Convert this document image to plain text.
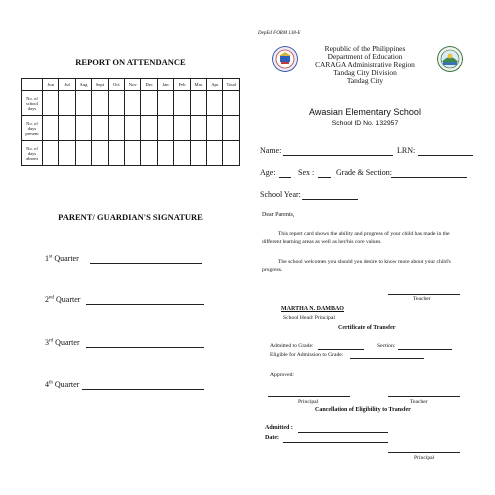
REPORT ON ATTENDANCE
	Jun	Jul	Aug	Sept	Oct	Nov	Dec	Jan	Feb	Mar	Apr	Total

No. of
school
days												

No. of
days
present												

No. of
days
absent												

PARENT/ GUARDIAN'S SIGNATURE
1st Quarter
2nd Quarter
3rd Quarter
4th Quarter
DepEd FORM 138-E
Republic of the Philippines
Department of Education
CARAGA Administrative Region
Tandag City Division
Tandag City
Awasian Elementary School
School ID No. 132957
Name:	LRN:
Age:	Sex :	Grade & Section:
School Year:
Dear Parents,
This report card shows the ability and progress of your child has made in the different learning areas as well as her/his core values.
The school welcomes you should you desire to know more about your child's progress.
Teacher
MARTHA N. DAMBAO
School Head/ Principal
Certificate of Transfer
Admitted to Grade:	Section:
Eligible for Admission to Grade:
Approved:
Principal	Teacher
Cancellation of Eligibility to Transfer
Admitted :
Date:
Principal
